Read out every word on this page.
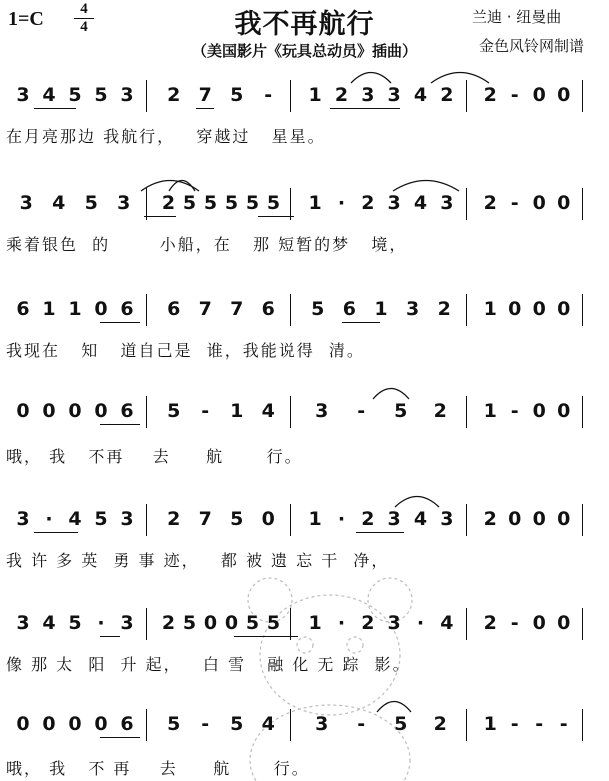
1=C	4
4	我不再航行
（美国影片《玩具总动员》插曲）
兰迪 · 纽曼曲
金色风铃网制谱
3 4 5 5 3 2 7 5 - 1 2 3 3 4 2 2 - 0 0
在月亮那边 我航行，   穿越过   星星。
3 4 5 3 2 5 5 5 5 5 1 · 2 3 4 3 2 - 0 0
乘着银色  的       小船，在   那 短暂的梦   境，
6 1 1 0 6 6 7 7 6 5 6 1 3 2 1 0 0 0
我现在   知   道自己是  谁，我能说得  清。
0 0 0 0 6 5 - 1 4 3 - 5 2 1 - 0 0
哦， 我   不再    去     航      行。
3 · 4 5 3 2 7 5 0 1 · 2 3 4 3 2 0 0 0
我 许 多 英  勇 事 迹，   都 被 遗 忘 干  净，
3 4 5 · 3 2 5 0 0 5 5 1 · 2 3 · 4 2 - 0 0
像 那 太  阳  升 起，   白 雪   融 化 无 踪  影。
0 0 0 0 6 5 - 5 4 3 - 5 2 1 - - -
哦， 我   不 再    去     航      行。
